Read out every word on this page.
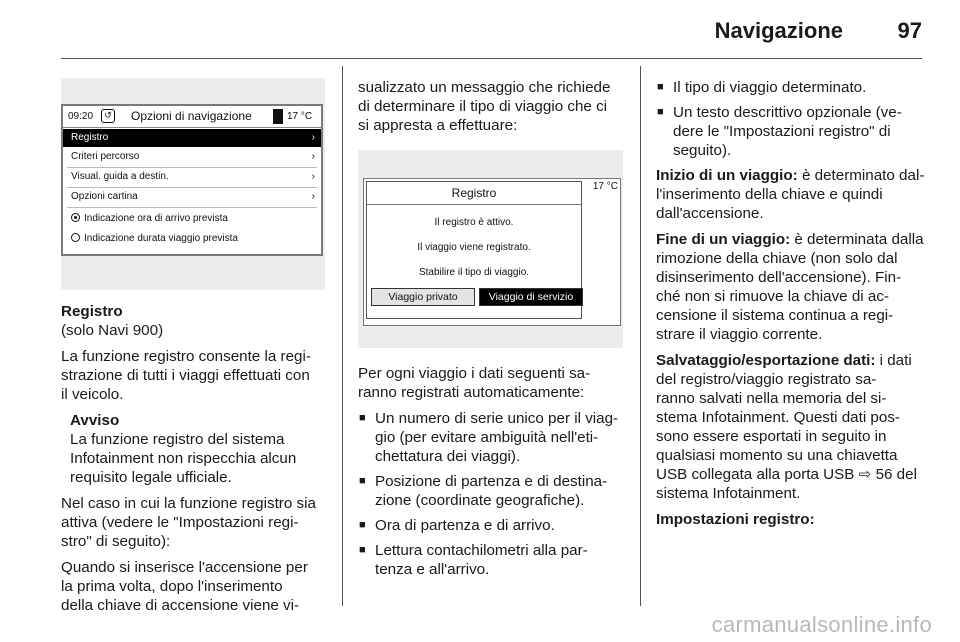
Navigazione 97
09:20	↺ Opzioni di navigazione	17 °C
Registro	›
Criteri percorso	›
Visual. guida a destin.	›
Opzioni cartina	›
Indicazione ora di arrivo prevista
Indicazione durata viaggio prevista
Registro

(solo Navi 900)

La funzione registro consente la regi-
strazione di tutti i viaggi effettuati con
il veicolo.

Avviso
La funzione registro del sistema
Infotainment non rispecchia alcun
requisito legale ufficiale.

Nel caso in cui la funzione registro sia
attiva (vedere le "Impostazioni regi-
stro" di seguito):

Quando si inserisce l'accensione per
la prima volta, dopo l'inserimento
della chiave di accensione viene vi-

sualizzato un messaggio che richiede
di determinare il tipo di viaggio che ci
si appresta a effettuare:

17 °C
Registro
Il registro è attivo.
Il viaggio viene registrato.
Stabilire il tipo di viaggio.
Viaggio privato	Viaggio di servizio

Per ogni viaggio i dati seguenti sa-
ranno registrati automaticamente:

■ Un numero di serie unico per il viag-
gio (per evitare ambiguità nell'eti-
chettatura dei viaggi).
■ Posizione di partenza e di destina-
zione (coordinate geografiche).
■ Ora di partenza e di arrivo.
■ Lettura contachilometri alla par-
tenza e all'arrivo.
■ Il tipo di viaggio determinato.
■ Un testo descrittivo opzionale (ve-
dere le "Impostazioni registro" di
seguito).

Inizio di un viaggio: è determinato dal-
l'inserimento della chiave e quindi
dall'accensione.

Fine di un viaggio: è determinata dalla
rimozione della chiave (non solo dal
disinserimento dell'accensione). Fin-
ché non si rimuove la chiave di ac-
censione il sistema continua a regi-
strare il viaggio corrente.

Salvataggio/esportazione dati: i dati
del registro/viaggio registrato sa-
ranno salvati nella memoria del si-
stema Infotainment. Questi dati pos-
sono essere esportati in seguito in
qualsiasi momento su una chiavetta
USB collegata alla porta USB ⇨ 56 del
sistema Infotainment.

Impostazioni registro:
carmanualsonline.info
